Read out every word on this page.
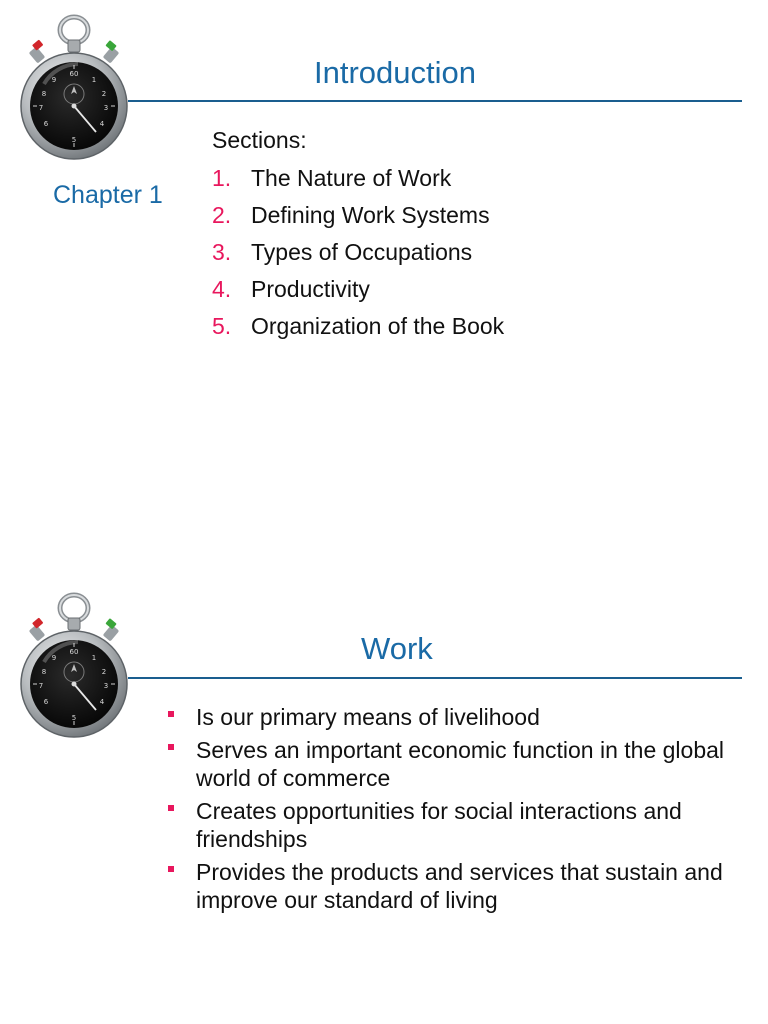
Introduction
Chapter 1
Sections:
1. The Nature of Work
2. Defining Work Systems
3. Types of Occupations
4. Productivity
5. Organization of the Book
Work
Is our primary means of livelihood
Serves an important economic function in the global world of commerce
Creates opportunities for social interactions and friendships
Provides the products and services that sustain and improve our standard of living
